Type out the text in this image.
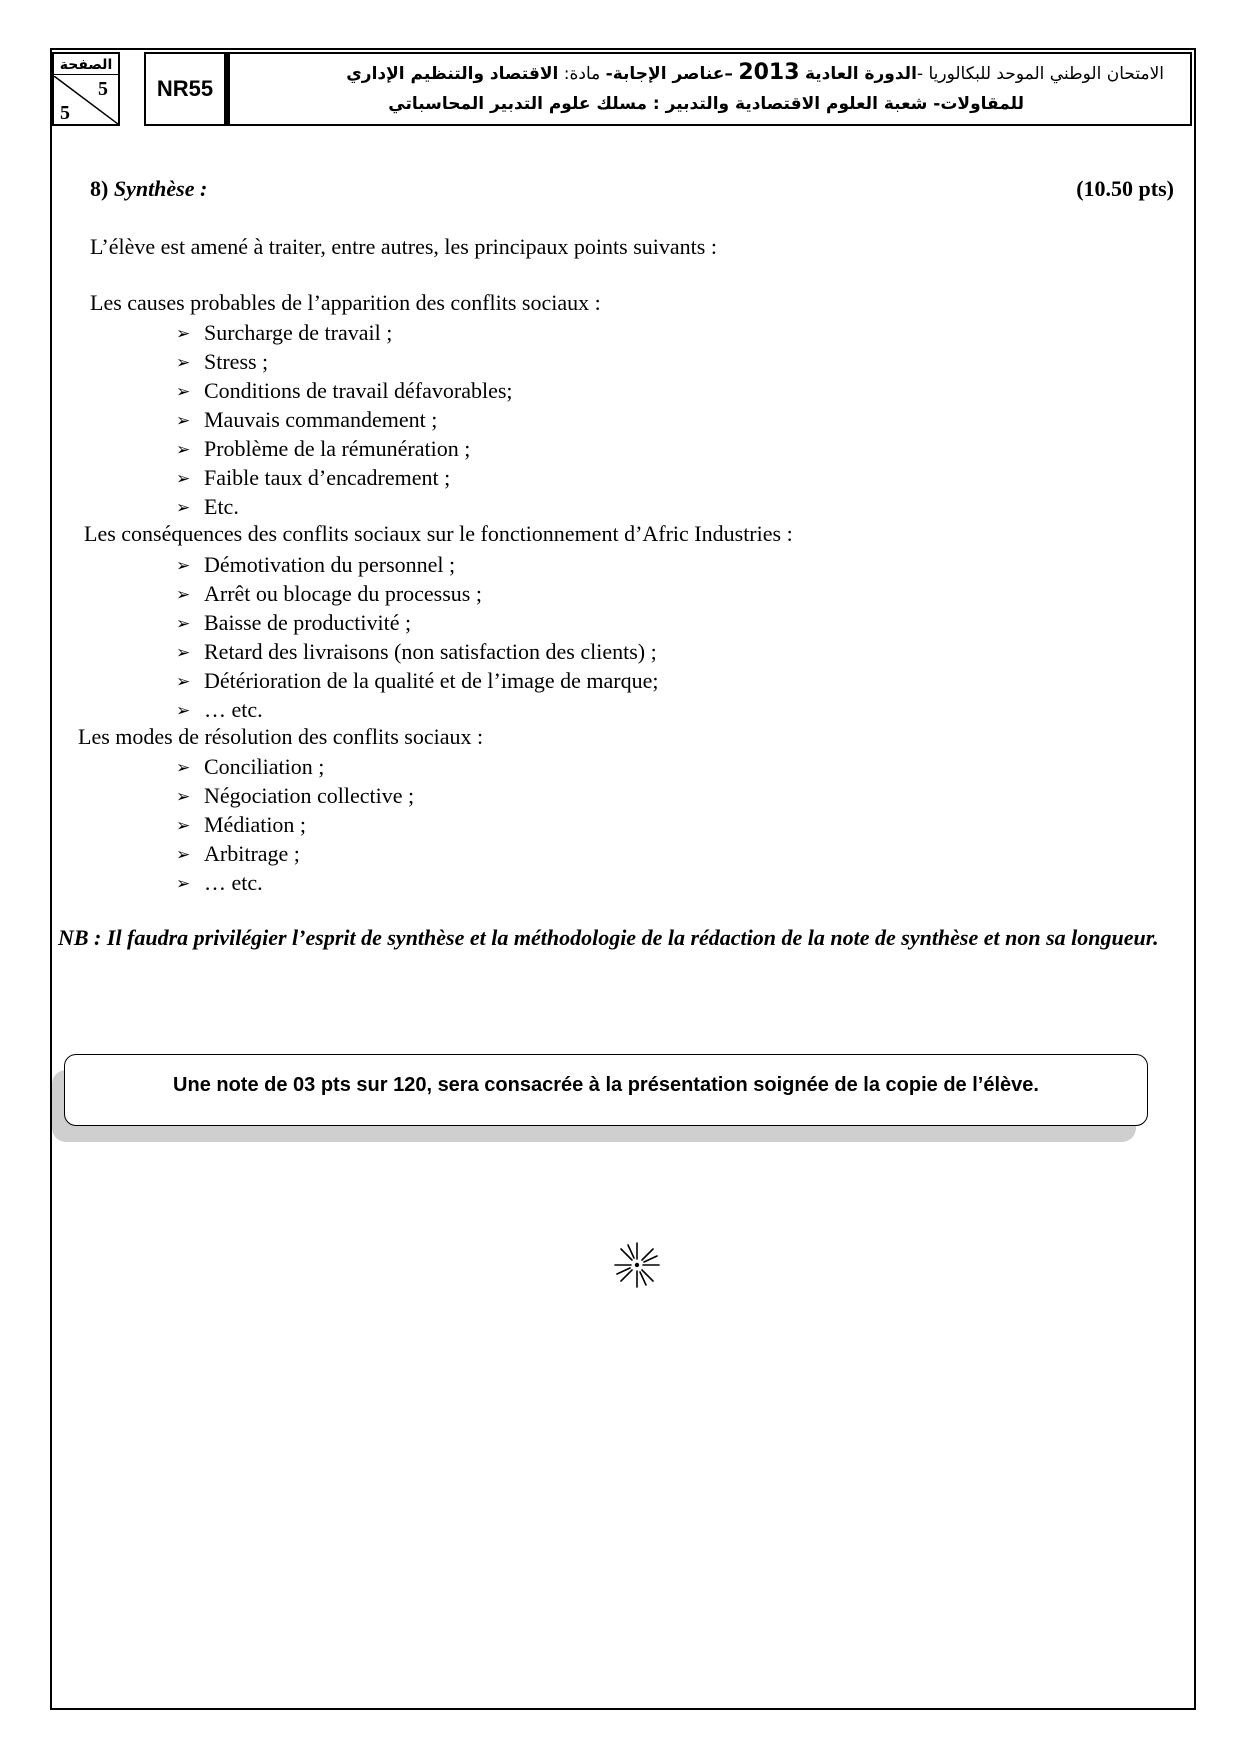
الصفحة
5
5
NR55
الامتحان الوطني الموحد للبكالوريا -الدورة العادية 2013 –عناصر الإجابة- مادة: الاقتصاد والتنظيم الإداري
للمقاولات- شعبة العلوم الاقتصادية والتدبير : مسلك علوم التدبير المحاسباتي
8) Synthèse :	(10.50 pts)
L’élève est amené à traiter, entre autres, les principaux points suivants :
Les causes probables de l’apparition des conflits sociaux :
➢ Surcharge de travail ;
➢ Stress ;
➢ Conditions de travail défavorables;
➢ Mauvais commandement ;
➢ Problème de la rémunération ;
➢ Faible taux d’encadrement ;
➢ Etc.
Les conséquences des conflits sociaux sur le fonctionnement d’Afric Industries :
➢ Démotivation du personnel ;
➢ Arrêt ou blocage du processus ;
➢ Baisse de productivité ;
➢ Retard des livraisons (non satisfaction des clients) ;
➢ Détérioration de la qualité et de l’image de marque;
➢ … etc.
Les modes de résolution des conflits sociaux :
➢ Conciliation ;
➢ Négociation collective ;
➢ Médiation ;
➢ Arbitrage ;
➢ … etc.
NB : Il faudra privilégier l’esprit de synthèse et la méthodologie de la rédaction de la note de synthèse et non sa longueur.
Une note de 03 pts sur 120, sera consacrée à la présentation soignée de la copie de l’élève.
